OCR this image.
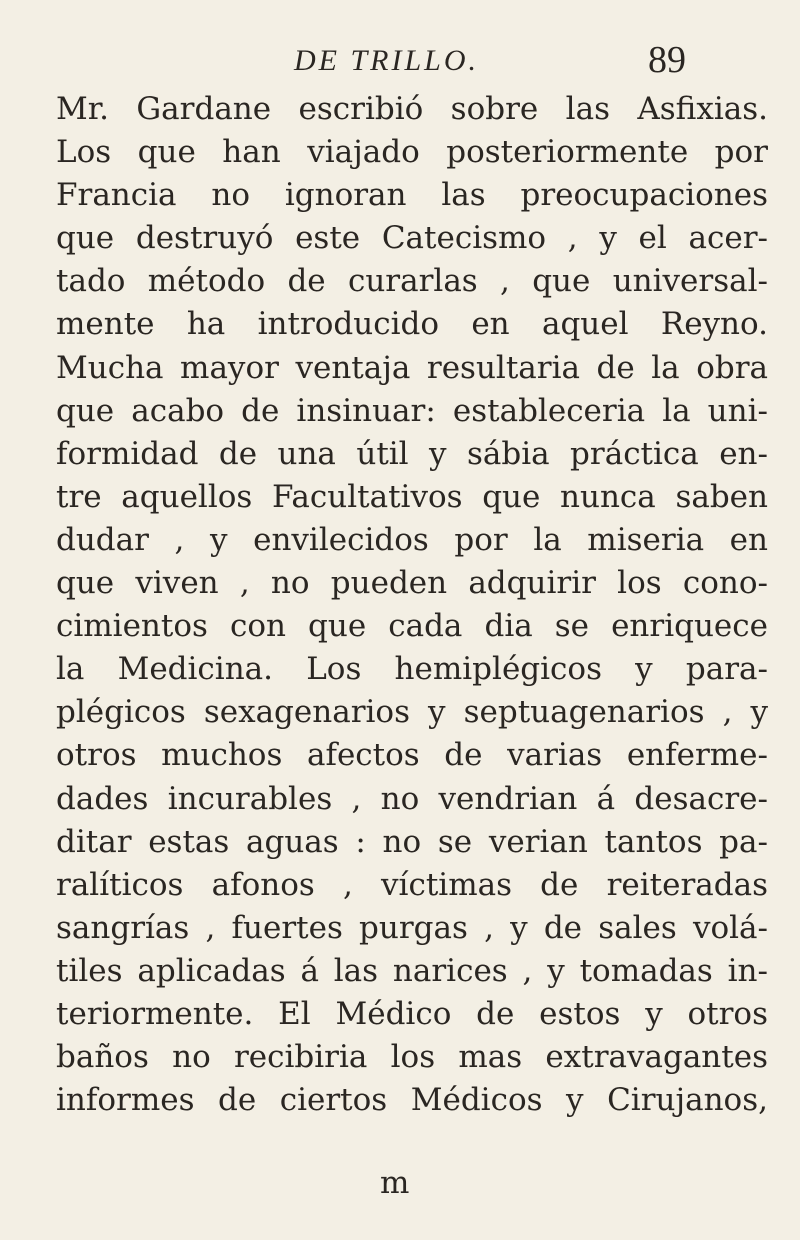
DE TRILLO.	89
Mr. Gardane escribió sobre las Asfixias.
Los que han viajado posteriormente por
Francia no ignoran las preocupaciones
que destruyó este Catecismo , y el acer-
tado método de curarlas , que universal-
mente ha introducido en aquel Reyno.
Mucha mayor ventaja resultaria de la obra
que acabo de insinuar: estableceria la uni-
formidad de una útil y sábia práctica en-
tre aquellos Facultativos que nunca saben
dudar , y envilecidos por la miseria en
que viven , no pueden adquirir los cono-
cimientos con que cada dia se enriquece
la Medicina. Los hemiplégicos y para-
plégicos sexagenarios y septuagenarios , y
otros muchos afectos de varias enferme-
dades incurables , no vendrian á desacre-
ditar estas aguas : no se verian tantos pa-
ralíticos afonos , víctimas de reiteradas
sangrías , fuertes purgas , y de sales volá-
tiles aplicadas á las narices , y tomadas in-
teriormente. El Médico de estos y otros
baños no recibiria los mas extravagantes
informes de ciertos Médicos y Cirujanos,
m
